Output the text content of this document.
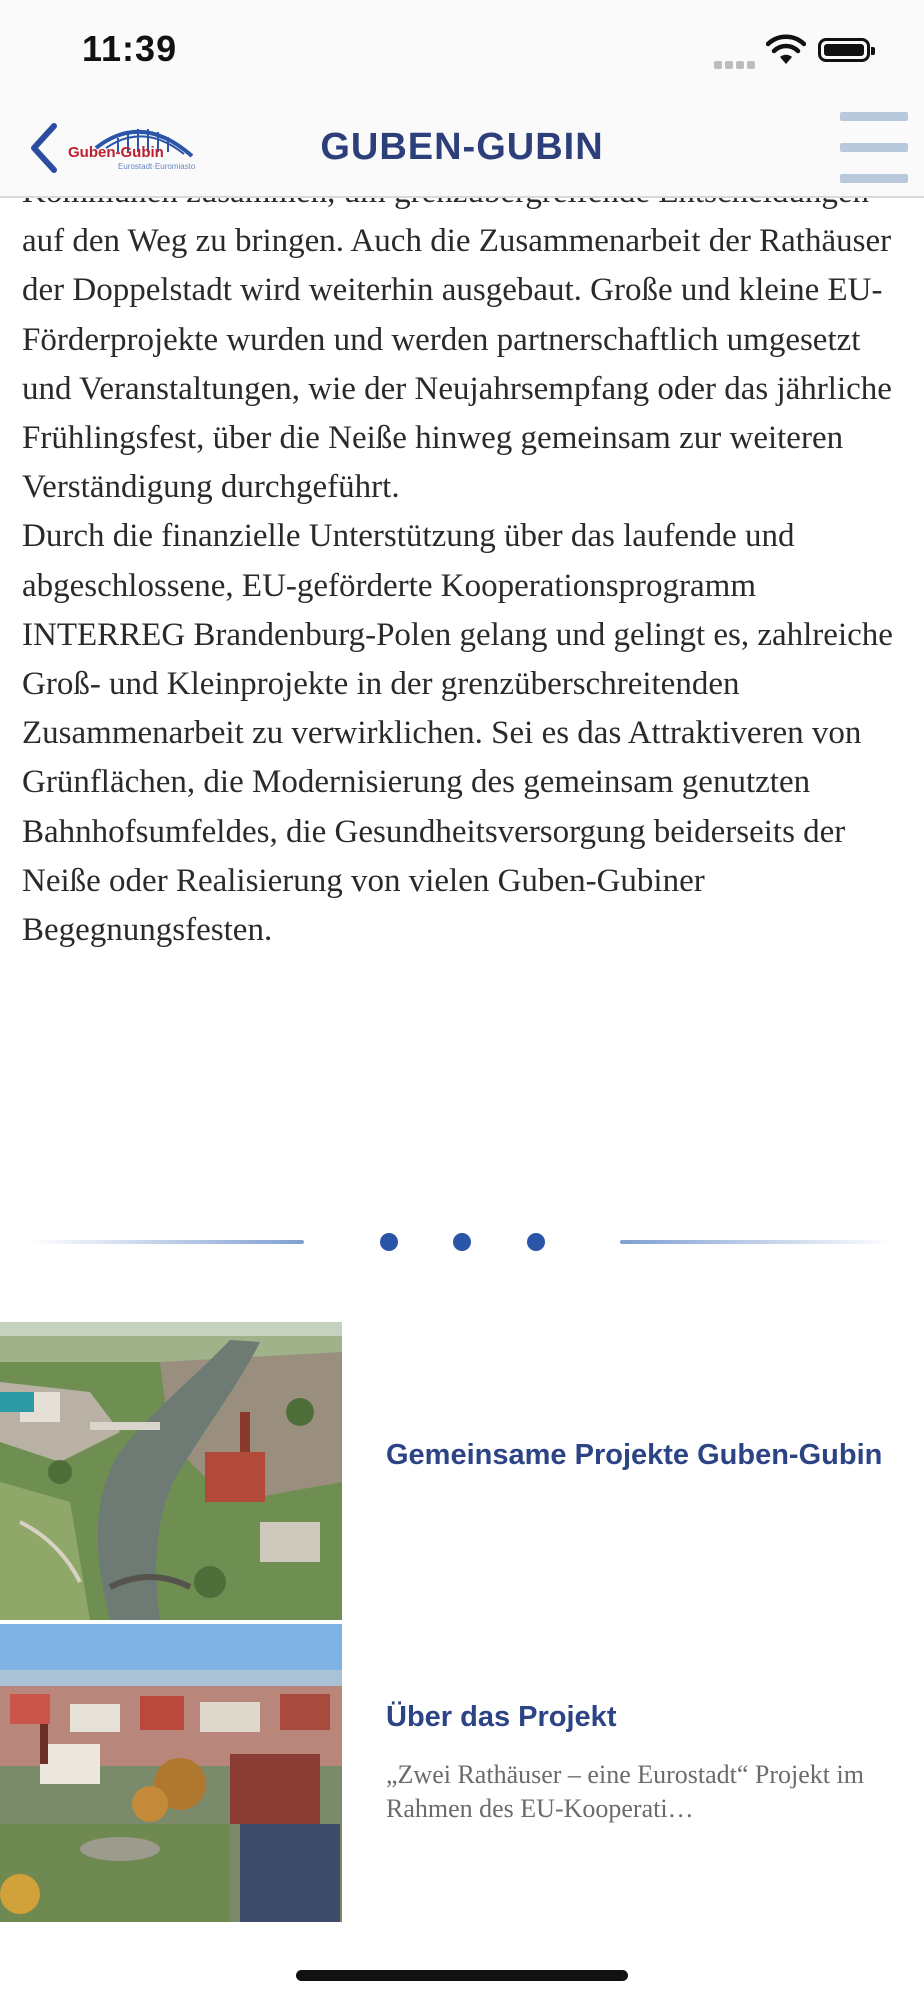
11:39
Guben-Gubin
Eurostadt·Euromiasto	GUBEN-GUBIN

auf den Weg zu bringen. Auch die Zusammenarbeit der Rathäuser der Doppelstadt wird weiterhin ausgebaut. Große und kleine EU-Förderprojekte wurden und werden partnerschaftlich umgesetzt und Veranstaltungen, wie der Neujahrsempfang oder das jährliche Frühlingsfest, über die Neiße hinweg gemeinsam zur weiteren Verständigung durchgeführt.

Durch die finanzielle Unterstützung über das laufende und abgeschlossene, EU-geförderte Kooperationsprogramm INTERREG Brandenburg-Polen gelang und gelingt es, zahlreiche Groß- und Kleinprojekte in der grenzüberschreitenden Zusammenarbeit zu verwirklichen. Sei es das Attraktiveren von Grünflächen, die Modernisierung des gemeinsam genutzten Bahnhofsumfeldes, die Gesundheitsversorgung beiderseits der Neiße oder Realisierung von vielen Guben-Gubiner Begegnungsfesten.

Gemeinsame Projekte Guben-Gubin
Über das Projekt
„Zwei Rathäuser – eine Eurostadt“ Projekt im Rahmen des EU-Kooperati…
